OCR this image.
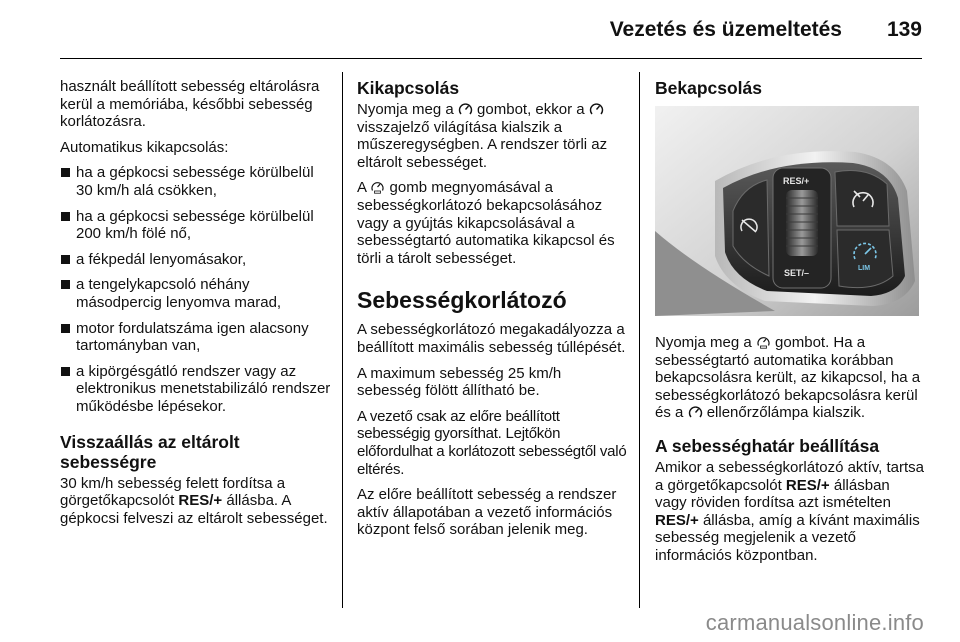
Vezetés és üzemeltetés 139

használt beállított sebesség eltárolásra kerül a memóriába, későbbi sebesség korlátozásra.

Automatikus kikapcsolás:

ha a gépkocsi sebessége körülbelül 30 km/h alá csökken,
ha a gépkocsi sebessége körülbelül 200 km/h fölé nő,
a fékpedál lenyomásakor,
a tengelykapcsoló néhány másodpercig lenyomva marad,
motor fordulatszáma igen alacsony tartományban van,
a kipörgésgátló rendszer vagy az elektronikus menetstabilizáló rendszer működésbe lépésekor.
Visszaállás az eltárolt sebességre

30 km/h sebesség felett fordítsa a görgetőkapcsolót RES/+ állásba. A gépkocsi felveszi az eltárolt sebességet.

Kikapcsolás

Nyomja meg a  gombot, ekkor a  visszajelző világítása kialszik a műszeregységben. A rendszer törli az eltárolt sebességet.

A  gomb megnyomásával a sebességkorlátozó bekapcsolásához vagy a gyújtás kikapcsolásával a sebességtartó automatika kikapcsol és törli a tárolt sebességet.

Sebességkorlátozó

A sebességkorlátozó megakadályozza a beállított maximális sebesség túllépését.

A maximum sebesség 25 km/h sebesség fölött állítható be.

A vezető csak az előre beállított sebességig gyorsíthat. Lejtőkön előfordulhat a korlátozott sebességtől való eltérés.

Az előre beállított sebesség a rendszer aktív állapotában a vezető információs központ felső sorában jelenik meg.

Bekapcsolás
RES/+
SET/–	LIM

Nyomja meg a  gombot. Ha a sebességtartó automatika korábban bekapcsolásra került, az kikapcsol, ha a sebességkorlátozó bekapcsolásra kerül és a  ellenőrzőlámpa kialszik.

A sebességhatár beállítása

Amikor a sebességkorlátozó aktív, tartsa a görgetőkapcsolót RES/+ állásban vagy röviden fordítsa azt ismételten RES/+ állásba, amíg a kívánt maximális sebesség megjelenik a vezető információs központban.

carmanualsonline.info
